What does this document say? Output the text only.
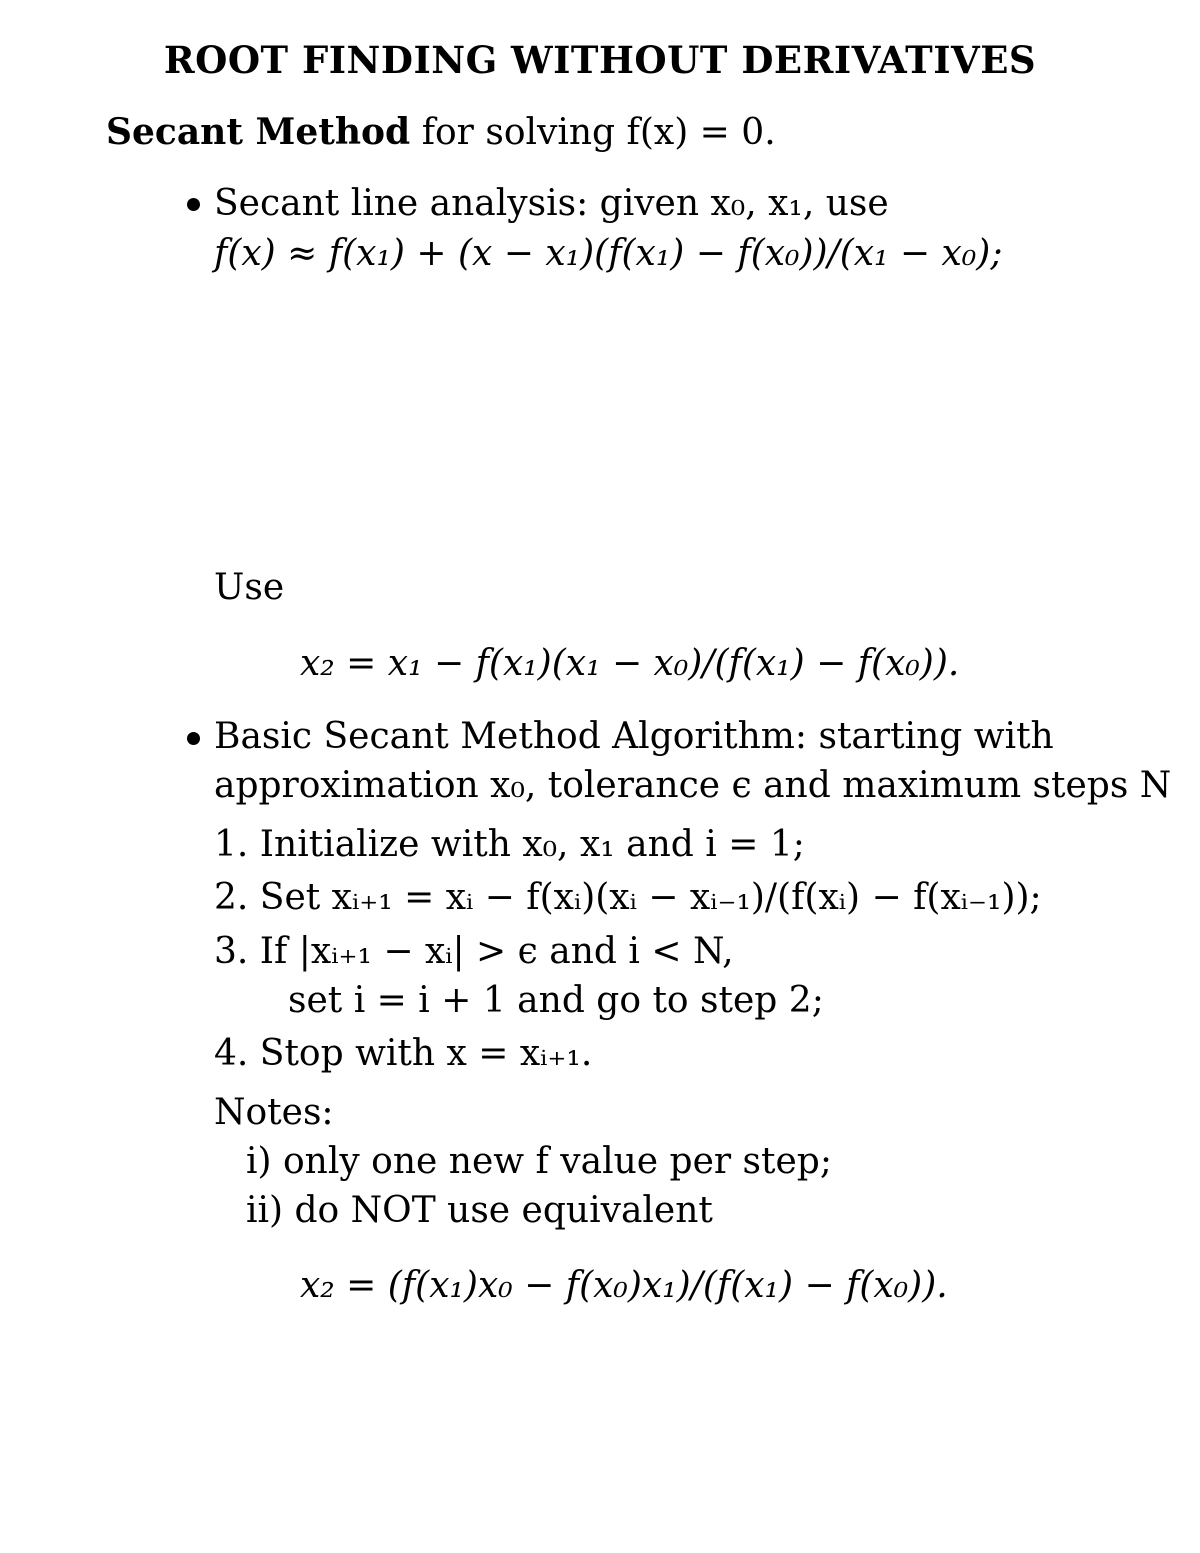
ROOT FINDING WITHOUT DERIVATIVES
Secant Method for solving f(x) = 0.
Secant line analysis: given x₀, x₁, use
f(x) ≈ f(x₁) + (x − x₁)(f(x₁) − f(x₀))/(x₁ − x₀);
Use
x₂ = x₁ − f(x₁)(x₁ − x₀)/(f(x₁) − f(x₀)).
Basic Secant Method Algorithm: starting with
approximation x₀, tolerance ϵ and maximum steps N
1. Initialize with x₀, x₁ and i = 1;
2. Set xᵢ₊₁ = xᵢ − f(xᵢ)(xᵢ − xᵢ₋₁)/(f(xᵢ) − f(xᵢ₋₁));
3. If |xᵢ₊₁ − xᵢ| > ϵ and i < N,
set i = i + 1 and go to step 2;
4. Stop with x = xᵢ₊₁.
Notes:
i) only one new f value per step;
ii) do NOT use equivalent
x₂ = (f(x₁)x₀ − f(x₀)x₁)/(f(x₁) − f(x₀)).
